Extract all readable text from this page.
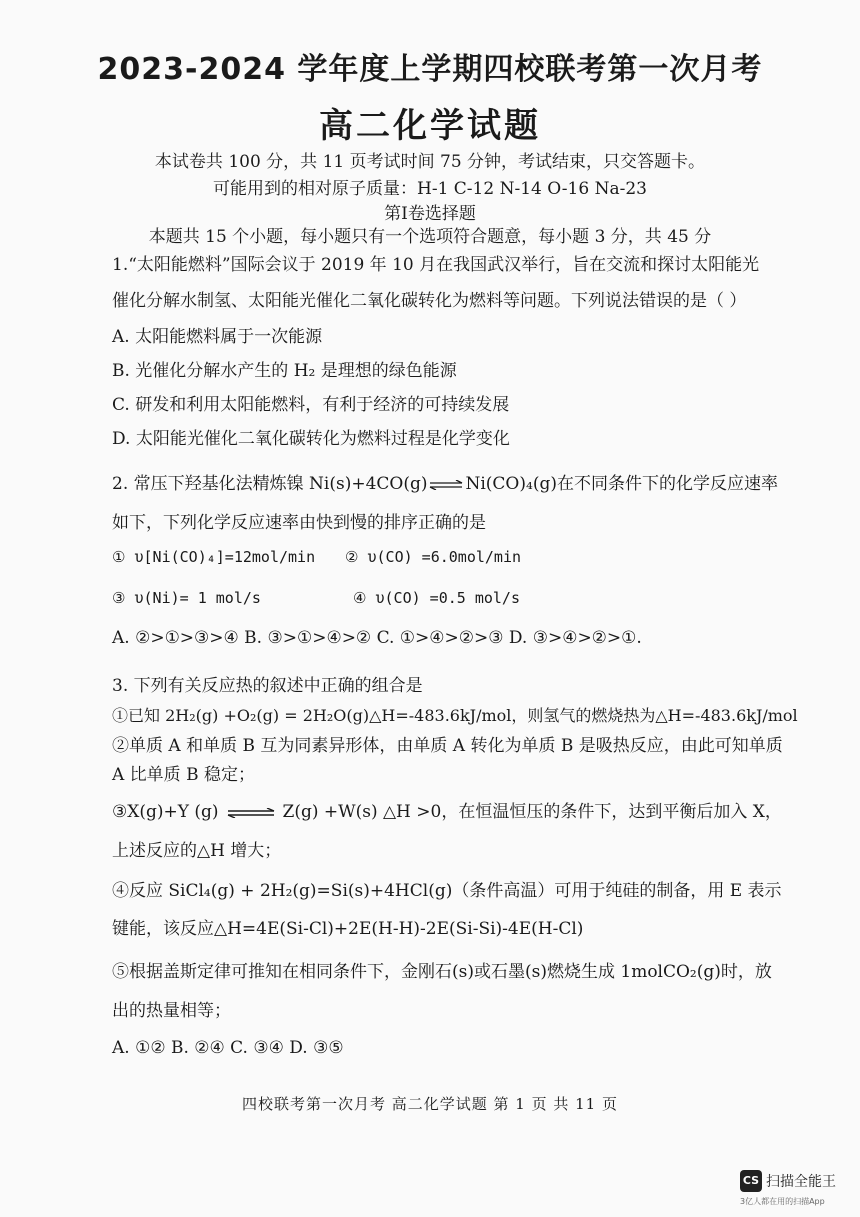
2023-2024 学年度上学期四校联考第一次月考
高二化学试题
本试卷共 100 分，共 11 页考试时间 75 分钟，考试结束，只交答题卡。
可能用到的相对原子质量：H-1 C-12 N-14 O-16 Na-23
第Ⅰ卷选择题
本题共 15 个小题，每小题只有一个选项符合题意，每小题 3 分，共 45 分
1.“太阳能燃料”国际会议于 2019 年 10 月在我国武汉举行，旨在交流和探讨太阳能光
催化分解水制氢、太阳能光催化二氧化碳转化为燃料等问题。下列说法错误的是（ ）
A. 太阳能燃料属于一次能源
B. 光催化分解水产生的 H₂ 是理想的绿色能源
C. 研发和利用太阳能燃料，有利于经济的可持续发展
D. 太阳能光催化二氧化碳转化为燃料过程是化学变化
2. 常压下羟基化法精炼镍 Ni(s)+4CO(g) ⇌ Ni(CO)₄(g)在不同条件下的化学反应速率
如下，下列化学反应速率由快到慢的排序正确的是
① υ[Ni(CO)₄]=12mol/min ② υ(CO) =6.0mol/min
③ υ(Ni)= 1 mol/s	④ υ(CO) =0.5 mol/s
A. ②>①>③>④ B. ③>①>④>② C. ①>④>②>③ D. ③>④>②>①.
3. 下列有关反应热的叙述中正确的组合是
①已知 2H₂(g) +O₂(g) = 2H₂O(g)△H=-483.6kJ/mol，则氢气的燃烧热为△H=-483.6kJ/mol
②单质 A 和单质 B 互为同素异形体，由单质 A 转化为单质 B 是吸热反应，由此可知单质
A 比单质 B 稳定；
③X(g)+Y (g) ⇌ Z(g) +W(s) △H >0，在恒温恒压的条件下，达到平衡后加入 X，
上述反应的△H 增大；
④反应 SiCl₄(g) + 2H₂(g)=Si(s)+4HCl(g)（条件高温）可用于纯硅的制备，用 E 表示
键能，该反应△H=4E(Si-Cl)+2E(H-H)-2E(Si-Si)-4E(H-Cl)
⑤根据盖斯定律可推知在相同条件下，金刚石(s)或石墨(s)燃烧生成 1molCO₂(g)时，放
出的热量相等；
A. ①② B. ②④ C. ③④ D. ③⑤
四校联考第一次月考 高二化学试题 第 1 页 共 11 页
CS 扫描全能王
3亿人都在用的扫描App
